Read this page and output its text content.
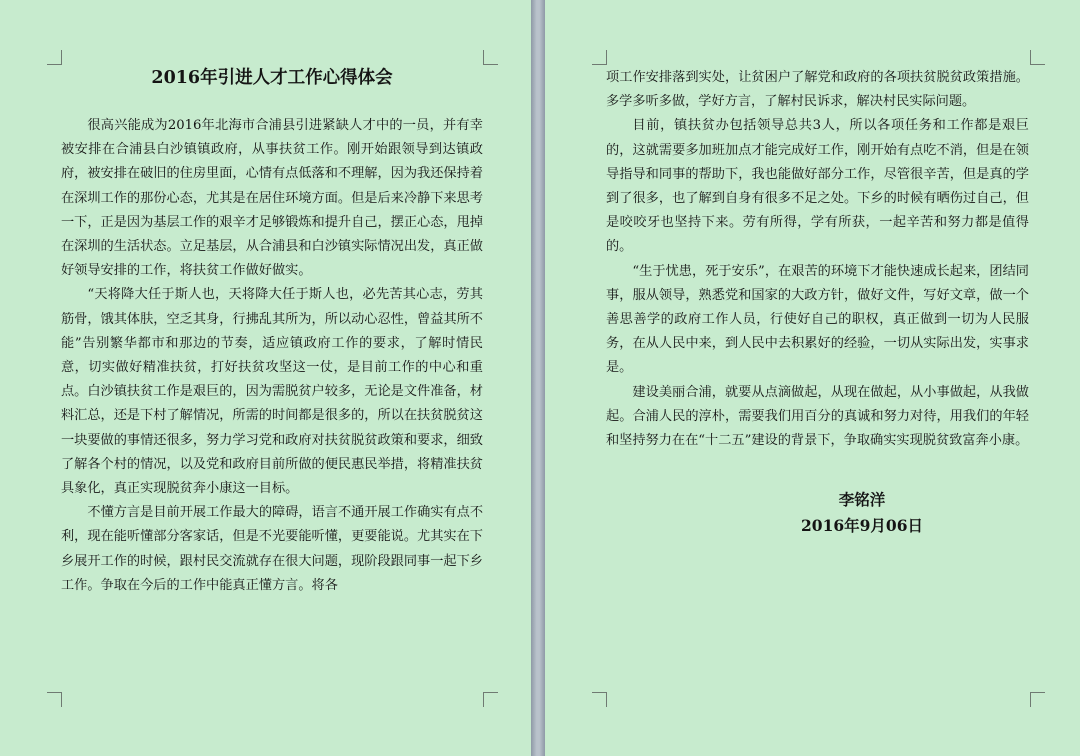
2016年引进人才工作心得体会

很高兴能成为2016年北海市合浦县引进紧缺人才中的一员，并有幸被安排在合浦县白沙镇镇政府，从事扶贫工作。刚开始跟领导到达镇政府，被安排在破旧的住房里面，心情有点低落和不理解，因为我还保持着在深圳工作的那份心态，尤其是在居住环境方面。但是后来冷静下来思考一下，正是因为基层工作的艰辛才足够锻炼和提升自己，摆正心态，甩掉在深圳的生活状态。立足基层，从合浦县和白沙镇实际情况出发，真正做好领导安排的工作，将扶贫工作做好做实。

“天将降大任于斯人也，天将降大任于斯人也，必先苦其心志，劳其筋骨，饿其体肤，空乏其身，行拂乱其所为，所以动心忍性，曾益其所不能”告别繁华都市和那边的节奏，适应镇政府工作的要求，了解时情民意，切实做好精准扶贫，打好扶贫攻坚这一仗，是目前工作的中心和重点。白沙镇扶贫工作是艰巨的，因为需脱贫户较多，无论是文件准备，材料汇总，还是下村了解情况，所需的时间都是很多的，所以在扶贫脱贫这一块要做的事情还很多，努力学习党和政府对扶贫脱贫政策和要求，细致了解各个村的情况，以及党和政府目前所做的便民惠民举措，将精准扶贫具象化，真正实现脱贫奔小康这一目标。

不懂方言是目前开展工作最大的障碍，语言不通开展工作确实有点不利，现在能听懂部分客家话，但是不光要能听懂，更要能说。尤其实在下乡展开工作的时候，跟村民交流就存在很大问题，现阶段跟同事一起下乡工作。争取在今后的工作中能真正懂方言。将各

项工作安排落到实处，让贫困户了解党和政府的各项扶贫脱贫政策措施。多学多听多做，学好方言，了解村民诉求，解决村民实际问题。

目前，镇扶贫办包括领导总共3人，所以各项任务和工作都是艰巨的，这就需要多加班加点才能完成好工作，刚开始有点吃不消，但是在领导指导和同事的帮助下，我也能做好部分工作，尽管很辛苦，但是真的学到了很多，也了解到自身有很多不足之处。下乡的时候有晒伤过自己，但是咬咬牙也坚持下来。劳有所得，学有所获，一起辛苦和努力都是值得的。

“生于忧患，死于安乐”，在艰苦的环境下才能快速成长起来，团结同事，服从领导，熟悉党和国家的大政方针，做好文件，写好文章，做一个善思善学的政府工作人员，行使好自己的职权，真正做到一切为人民服务，在从人民中来，到人民中去积累好的经验，一切从实际出发，实事求是。

建设美丽合浦，就要从点滴做起，从现在做起，从小事做起，从我做起。合浦人民的淳朴，需要我们用百分的真诚和努力对待，用我们的年轻和坚持努力在在“十二五”建设的背景下，争取确实实现脱贫致富奔小康。

李铭洋
2016年9月06日
